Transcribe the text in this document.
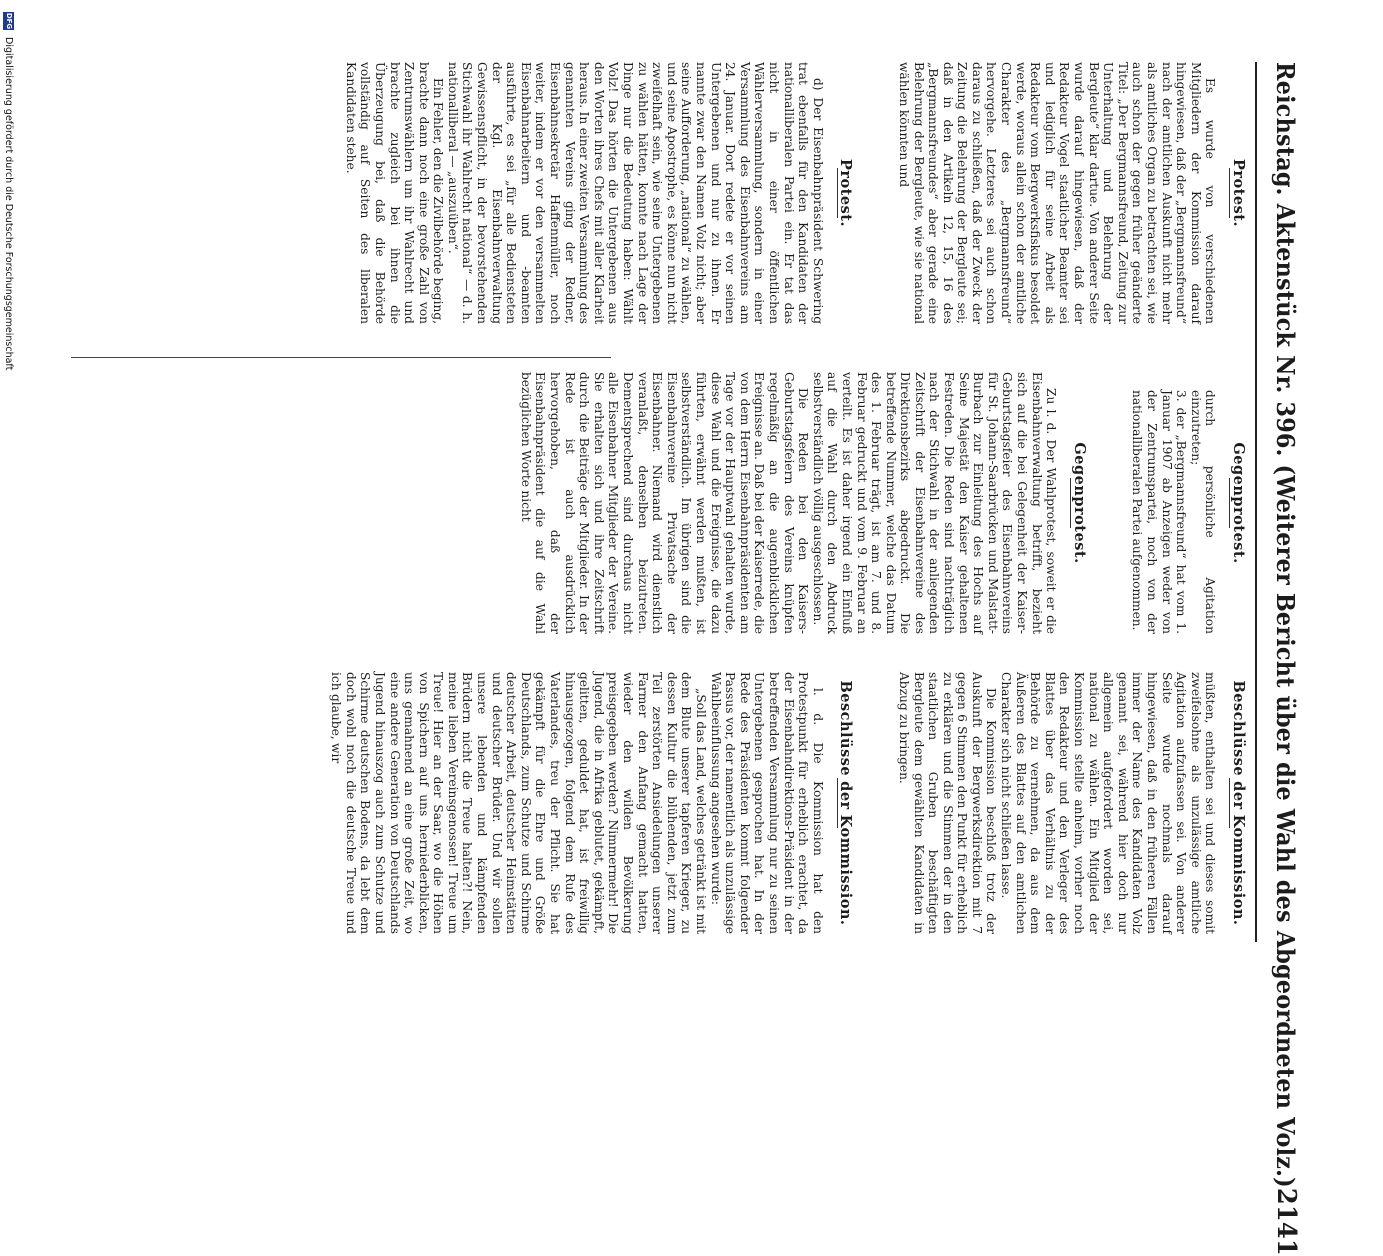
Reichstag. Aktenstück Nr. 396. (Weiterer Bericht über die Wahl des Abgeordneten Volz.)
2141

Protest.

Es wurde von verschiedenen Mitgliedern der Kommission darauf hingewiesen, daß der „Bergmannsfreund“ nach der amtlichen Auskunft nicht mehr als amtliches Organ zu betrachten sei, wie auch schon der gegen früher geänderte Titel: „Der Bergmannsfreund, Zeitung zur Unterhaltung und Belehrung der Bergleute“ klar dartue. Von anderer Seite wurde darauf hingewiesen, daß der Redakteur Vogel staatlicher Beamter sei und lediglich für seine Arbeit als Redakteur vom Bergwerksfiskus besoldet werde, woraus allein schon der amtliche Charakter des „Bergmannsfreund“ hervorgehe. Letzteres sei auch schon daraus zu schließen, daß der Zweck der Zeitung die Belehrung der Bergleute sei; daß in den Artikeln 12, 15, 16 des „Bergmannsfreundes“ aber gerade eine Belehrung der Bergleute, wie sie national wählen könnten und

Protest.

d) Der Eisenbahnpräsident Schwering trat ebenfalls für den Kandidaten der nationalliberalen Partei ein. Er tat das nicht in einer öffentlichen Wählerversammlung, sondern in einer Versammlung des Eisenbahnvereins am 24. Januar. Dort redete er vor seinen Untergebenen und nur zu ihnen. Er nannte zwar den Namen Volz nicht; aber seine Aufforderung, „national“ zu wählen, und seine Apostrophe, es könne nun nicht zweifelhaft sein, wie seine Untergebenen zu wählen hätten, konnte nach Lage der Dinge nur die Bedeutung haben: Wählt Volz! Das hörten die Untergebenen aus den Worten ihres Chefs mit aller Klarheit heraus. In einer zweiten Versammlung des genannten Vereins ging der Redner, Eisenbahnsekretär Haffenmüller, noch weiter, indem er vor den versammelten Eisenbahnarbeitern und -beamten ausführte, es sei „für alle Bediensteten der Kgl. Eisenbahnverwaltung Gewissenspflicht, in der bevorstehenden Stichwahl ihr Wahlrecht national“ — d. h. nationalliberal — „auszuüben“.

Ein Fehler, den die Zivilbehörde beging, brachte dann noch eine große Zahl von Zentrumswählern um ihr Wahlrecht und brachte zugleich bei ihnen die Überzeugung bei, daß die Behörde vollständig auf Seiten des liberalen Kandidaten stehe.

Gegenprotest.

durch persönliche Agitation einzutreten;

3. der „Bergmannsfreund“ hat vom 1. Januar 1907 ab Anzeigen weder von der Zentrumspartei, noch von der nationalliberalen Partei aufgenommen.

Gegenprotest.

Zu l. d. Der Wahlprotest, soweit er die Eisenbahnverwaltung betrifft, bezieht sich auf die bei Gelegenheit der Kaiser-Geburtstagsfeier des Eisenbahnvereins für St. Johann-Saarbrücken und Malstatt-Burbach zur Einleitung des Hochs auf Seine Majestät den Kaiser gehaltenen Festreden. Die Reden sind nachträglich nach der Stichwahl in der anliegenden Zeitschrift der Eisenbahnvereine des Direktionsbezirks abgedruckt. Die betreffende Nummer, welche das Datum des 1. Februar trägt, ist am 7. und 8. Februar gedruckt und vom 9. Februar an verteilt. Es ist daher irgend ein Einfluß auf die Wahl durch den Abdruck selbstverständlich völlig ausgeschlossen.

Die Reden bei den Kaisers-Geburtstagsfeiern des Vereins knüpfen regelmäßig an die augenblicklichen Ereignisse an. Daß bei der Kaiserrede, die von dem Herrn Eisenbahnpräsidenten am Tage vor der Hauptwahl gehalten wurde, diese Wahl und die Ereignisse, die dazu führten, erwähnt werden mußten, ist selbstverständlich. Im übrigen sind die Eisenbahnvereine Privatsache der Eisenbahner. Niemand wird dienstlich veranlaßt, denselben beizutreten. Dementsprechend sind durchaus nicht alle Eisenbahner Mitglieder der Vereine. Sie erhalten sich und ihre Zeitschrift durch die Beiträge der Mitglieder. In der Rede ist auch ausdrücklich hervorgehoben, daß der Eisenbahnpräsident die auf die Wahl bezüglichen Worte nicht

Beschlüsse der Kommission.

müßten, enthalten sei und dieses somit zweifelsohne als unzulässige amtliche Agitation aufzufassen sei. Von anderer Seite wurde nochmals darauf hingewiesen, daß in den früheren Fällen immer der Name des Kandidaten Volz genannt sei, während hier doch nur allgemein aufgefordert worden sei, national zu wählen. Ein Mitglied der Kommission stellte anheim, vorher noch den Redakteur und den Verleger des Blattes über das Verhältnis zu der Behörde zu vernehmen, da aus dem Äußeren des Blattes auf den amtlichen Charakter sich nicht schließen lasse.

Die Kommission beschloß trotz der Auskunft der Bergwerksdirektion mit 7 gegen 6 Stimmen den Punkt für erheblich zu erklären und die Stimmen der in den staatlichen Gruben beschäftigten Bergleute dem gewählten Kandidaten in Abzug zu bringen.

Beschlüsse der Kommission.

l. d. Die Kommission hat den Protestpunkt für erheblich erachtet, da der Eisenbahndirektions-Präsident in der betreffenden Versammlung nur zu seinen Untergebenen gesprochen hat. In der Rede des Präsidenten kommt folgender Passus vor, der namentlich als unzulässige Wahlbeeinflussung angesehen wurde:

„Soll das Land, welches getränkt ist mit dem Blute unserer tapferen Krieger, zu dessen Kultur die blühenden, jetzt zum Teil zerstörten Ansiedelungen unserer Farmer den Anfang gemacht hatten, wieder den wilden Bevölkerung preisgegeben werden? Nimmermehr! Die Jugend, die in Afrika geblutet, gekämpft, gelitten, geduldet hat, ist freiwillig hinausgezogen, folgend dem Rufe des Vaterlandes, treu der Pflicht. Sie hat gekämpft für die Ehre und Größe Deutschlands, zum Schutze und Schirme deutscher Arbeit, deutscher Heimstätten und deutscher Brüder. Und wir sollen unsere lebenden und kämpfenden Brüdern nicht die Treue halten?! Nein, meine lieben Vereinsgenossen! Treue um Treue! Hier an der Saar, wo die Höhen von Spichern auf uns herniederblicken, uns gemahnend an eine große Zeit, wo eine andere Generation von Deutschlands Jugend hinauszog auch zum Schutze und Schirme deutschen Bodens, da lebt dem doch wohl noch die deutsche Treue und ich glaube, wir

DFG Digitalisierung gefördert durch die Deutsche Forschungsgemeinschaft
